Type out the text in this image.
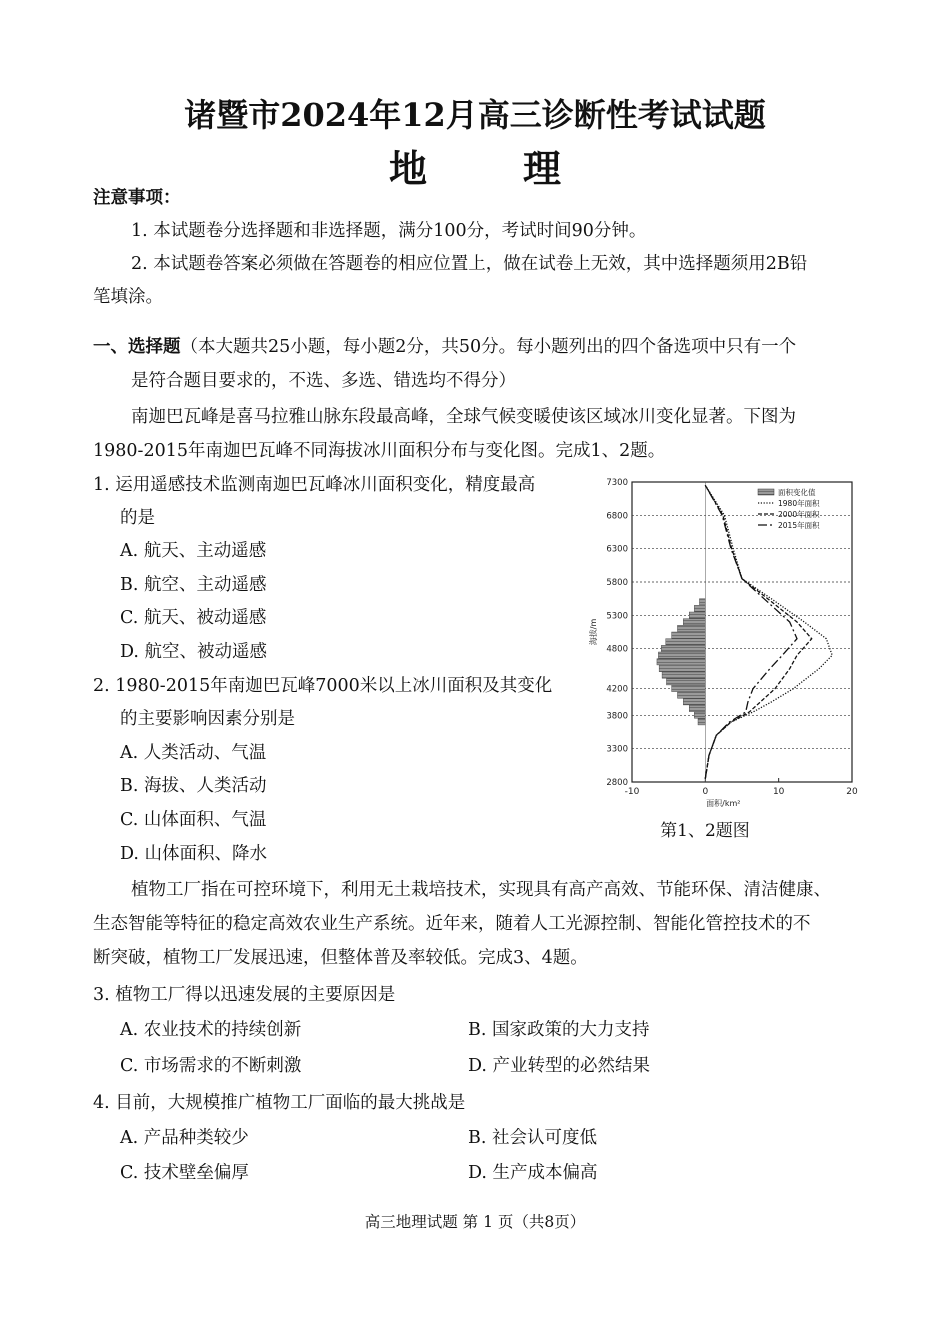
诸暨市2024年12月高三诊断性考试试题
地	理
注意事项：
1. 本试题卷分选择题和非选择题，满分100分，考试时间90分钟。
2. 本试题卷答案必须做在答题卷的相应位置上，做在试卷上无效，其中选择题须用2B铅
笔填涂。
一、选择题（本大题共25小题，每小题2分，共50分。每小题列出的四个备选项中只有一个
是符合题目要求的，不选、多选、错选均不得分）
南迦巴瓦峰是喜马拉雅山脉东段最高峰，全球气候变暖使该区域冰川变化显著。下图为
1980-2015年南迦巴瓦峰不同海拔冰川面积分布与变化图。完成1、2题。
1. 运用遥感技术监测南迦巴瓦峰冰川面积变化，精度最高
的是
A. 航天、主动遥感
B. 航空、主动遥感
C. 航天、被动遥感
D. 航空、被动遥感
2. 1980-2015年南迦巴瓦峰7000米以上冰川面积及其变化
的主要影响因素分别是
A. 人类活动、气温
B. 海拔、人类活动
C. 山体面积、气温
D. 山体面积、降水
2800
3300
3800
4200
4800
5300
5800
6300
6800
7300
-10	0	10	20
面积/km²
海拔/m
面积变化值
1980年面积
2000年面积
2015年面积
第1、2题图
植物工厂指在可控环境下，利用无土栽培技术，实现具有高产高效、节能环保、清洁健康、
生态智能等特征的稳定高效农业生产系统。近年来，随着人工光源控制、智能化管控技术的不
断突破，植物工厂发展迅速，但整体普及率较低。完成3、4题。
3. 植物工厂得以迅速发展的主要原因是
A. 农业技术的持续创新	B. 国家政策的大力支持
C. 市场需求的不断刺激	D. 产业转型的必然结果
4. 目前，大规模推广植物工厂面临的最大挑战是
A. 产品种类较少	B. 社会认可度低
C. 技术壁垒偏厚	D. 生产成本偏高
高三地理试题 第 1 页（共8页）
